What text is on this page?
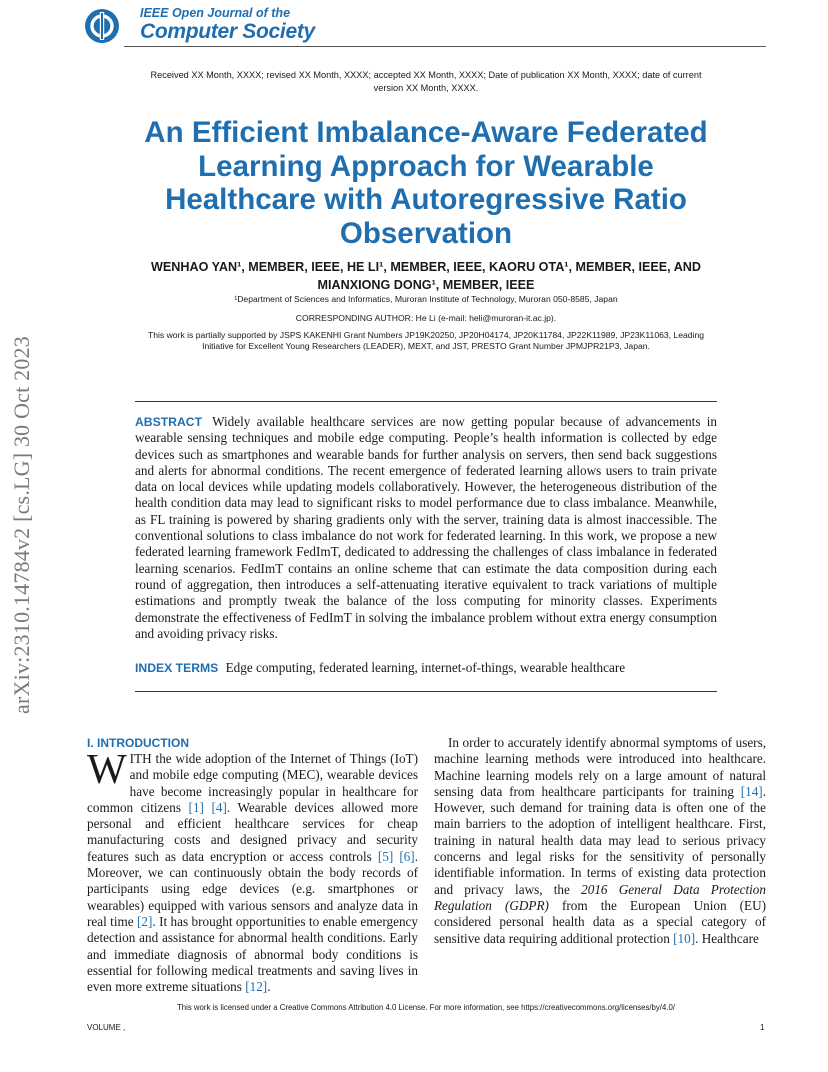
IEEE Open Journal of the
Computer Society
Received XX Month, XXXX; revised XX Month, XXXX; accepted XX Month, XXXX; Date of publication XX Month, XXXX; date of current version XX Month, XXXX.
An Efficient Imbalance-Aware Federated Learning Approach for Wearable Healthcare with Autoregressive Ratio Observation
WENHAO YAN¹, MEMBER, IEEE, HE LI¹, MEMBER, IEEE, KAORU OTA¹, MEMBER, IEEE, AND MIANXIONG DONG¹, MEMBER, IEEE
¹Department of Sciences and Informatics, Muroran Institute of Technology, Muroran 050-8585, Japan
CORRESPONDING AUTHOR: He Li (e-mail: heli@muroran-it.ac.jp).
This work is partially supported by JSPS KAKENHI Grant Numbers JP19K20250, JP20H04174, JP20K11784, JP22K11989, JP23K11063, Leading Initiative for Excellent Young Researchers (LEADER), MEXT, and JST, PRESTO Grant Number JPMJPR21P3, Japan.
arXiv:2310.14784v2 [cs.LG] 30 Oct 2023	ABSTRACT Widely available healthcare services are now getting popular because of advancements in wearable sensing techniques and mobile edge computing. People’s health information is collected by edge devices such as smartphones and wearable bands for further analysis on servers, then send back suggestions and alerts for abnormal conditions. The recent emergence of federated learning allows users to train private data on local devices while updating models collaboratively. However, the heterogeneous distribution of the health condition data may lead to significant risks to model performance due to class imbalance. Meanwhile, as FL training is powered by sharing gradients only with the server, training data is almost inaccessible. The conventional solutions to class imbalance do not work for federated learning. In this work, we propose a new federated learning framework FedImT, dedicated to addressing the challenges of class imbalance in federated learning scenarios. FedImT contains an online scheme that can estimate the data composition during each round of aggregation, then introduces a self-attenuating iterative equivalent to track variations of multiple estimations and promptly tweak the balance of the loss computing for minority classes. Experiments demonstrate the effectiveness of FedImT in solving the imbalance problem without extra energy consumption and avoiding privacy risks.
INDEX TERMS Edge computing, federated learning, internet-of-things, wearable healthcare
I. INTRODUCTION
WITH the wide adoption of the Internet of Things (IoT) and mobile edge computing (MEC), wearable devices have become increasingly popular in healthcare for common citizens [1] [4]. Wearable devices allowed more personal and efficient healthcare services for cheap manufacturing costs and designed privacy and security features such as data encryption or access controls [5] [6]. Moreover, we can continuously obtain the body records of participants using edge devices (e.g. smartphones or wearables) equipped with various sensors and analyze data in real time [2]. It has brought opportunities to enable emergency detection and assistance for abnormal health conditions. Early and immediate diagnosis of abnormal body conditions is essential for following medical treatments and saving lives in even more extreme situations [12].
In order to accurately identify abnormal symptoms of users, machine learning methods were introduced into healthcare. Machine learning models rely on a large amount of natural sensing data from healthcare participants for training [14]. However, such demand for training data is often one of the main barriers to the adoption of intelligent healthcare. First, training in natural health data may lead to serious privacy concerns and legal risks for the sensitivity of personally identifiable information. In terms of existing data protection and privacy laws, the 2016 General Data Protection Regulation (GDPR) from the European Union (EU) considered personal health data as a special category of sensitive data requiring additional protection [10]. Healthcare
This work is licensed under a Creative Commons Attribution 4.0 License. For more information, see https://creativecommons.org/licenses/by/4.0/
VOLUME ,	1
